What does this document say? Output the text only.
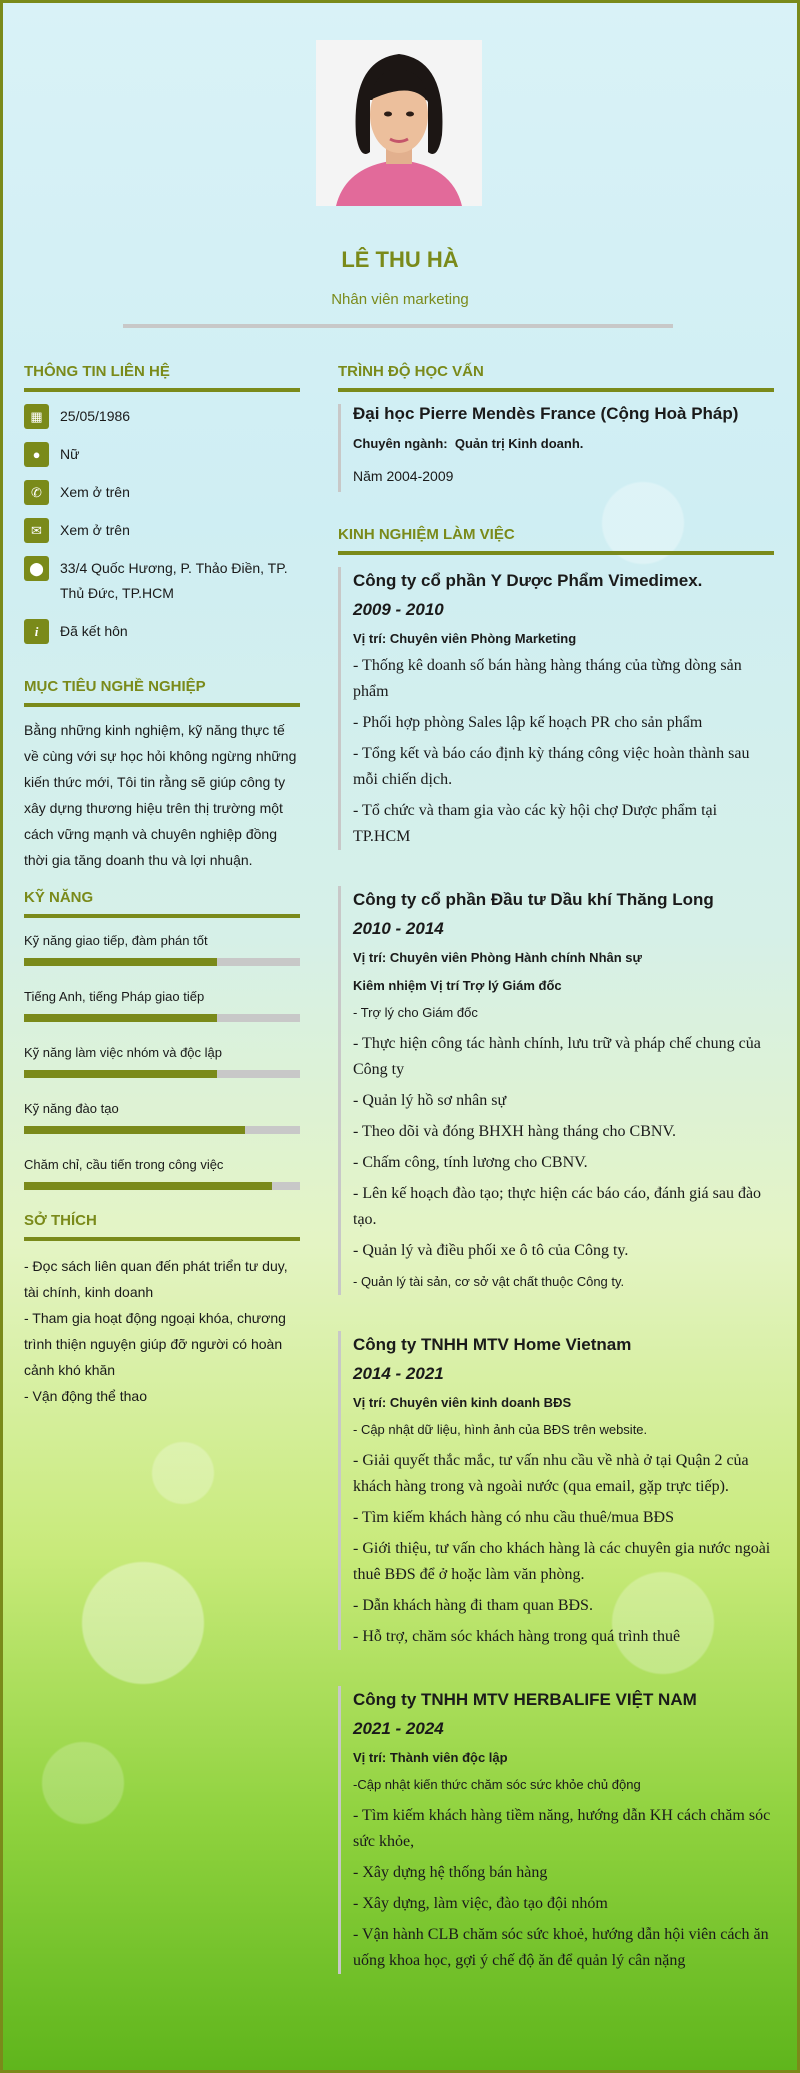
LÊ THU HÀ
Nhân viên marketing
THÔNG TIN LIÊN HỆ
▦	25/05/1986
●	Nữ
✆	Xem ở trên
✉	Xem ở trên
⬤	33/4 Quốc Hương, P. Thảo Điền, TP. Thủ Đức, TP.HCM
i	Đã kết hôn
MỤC TIÊU NGHỀ NGHIỆP
Bằng những kinh nghiệm, kỹ năng thực tế về cùng với sự học hỏi không ngừng những kiến thức mới, Tôi tin rằng sẽ giúp công ty xây dựng thương hiệu trên thị trường một cách vững mạnh và chuyên nghiệp đồng thời gia tăng doanh thu và lợi nhuận.
KỸ NĂNG
Kỹ năng giao tiếp, đàm phán tốt
Tiếng Anh, tiếng Pháp giao tiếp
Kỹ năng làm việc nhóm và độc lập
Kỹ năng đào tạo
Chăm chỉ, cầu tiến trong công việc
SỞ THÍCH
- Đọc sách liên quan đến phát triển tư duy, tài chính, kinh doanh
- Tham gia hoạt động ngoại khóa, chương trình thiện nguyện giúp đỡ người có hoàn cảnh khó khăn
- Vận động thể thao
TRÌNH ĐỘ HỌC VẤN
Đại học Pierre Mendès France (Cộng Hoà Pháp)
Chuyên ngành: Quản trị Kinh doanh.
Năm 2004-2009
KINH NGHIỆM LÀM VIỆC
Công ty cổ phần Y Dược Phẩm Vimedimex.
2009 - 2010
Vị trí: Chuyên viên Phòng Marketing
- Thống kê doanh số bán hàng hàng tháng của từng dòng sản phẩm
- Phối hợp phòng Sales lập kế hoạch PR cho sản phẩm
- Tổng kết và báo cáo định kỳ tháng công việc hoàn thành sau mỗi chiến dịch.
- Tổ chức và tham gia vào các kỳ hội chợ Dược phẩm tại TP.HCM
Công ty cổ phần Đầu tư Dầu khí Thăng Long
2010 - 2014
Vị trí: Chuyên viên Phòng Hành chính Nhân sự
Kiêm nhiệm Vị trí Trợ lý Giám đốc
- Trợ lý cho Giám đốc
- Thực hiện công tác hành chính, lưu trữ và pháp chế chung của Công ty
- Quản lý hồ sơ nhân sự
- Theo dõi và đóng BHXH hàng tháng cho CBNV.
- Chấm công, tính lương cho CBNV.
- Lên kế hoạch đào tạo; thực hiện các báo cáo, đánh giá sau đào tạo.
- Quản lý và điều phối xe ô tô của Công ty.
- Quản lý tài sản, cơ sở vật chất thuộc Công ty.
Công ty TNHH MTV Home Vietnam
2014 - 2021
Vị trí: Chuyên viên kinh doanh BĐS
- Cập nhật dữ liệu, hình ảnh của BĐS trên website.
- Giải quyết thắc mắc, tư vấn nhu cầu về nhà ở tại Quận 2 của khách hàng trong và ngoài nước (qua email, gặp trực tiếp).
- Tìm kiếm khách hàng có nhu cầu thuê/mua BĐS
- Giới thiệu, tư vấn cho khách hàng là các chuyên gia nước ngoài thuê BĐS để ở hoặc làm văn phòng.
- Dẫn khách hàng đi tham quan BĐS.
- Hỗ trợ, chăm sóc khách hàng trong quá trình thuê
Công ty TNHH MTV HERBALIFE VIỆT NAM
2021 - 2024
Vị trí: Thành viên độc lập
-Cập nhật kiến thức chăm sóc sức khỏe chủ động
- Tìm kiếm khách hàng tiềm năng, hướng dẫn KH cách chăm sóc sức khỏe,
- Xây dựng hệ thống bán hàng
- Xây dựng, làm việc, đào tạo đội nhóm
- Vận hành CLB chăm sóc sức khoẻ, hướng dẫn hội viên cách ăn uống khoa học, gợi ý chế độ ăn để quản lý cân nặng
